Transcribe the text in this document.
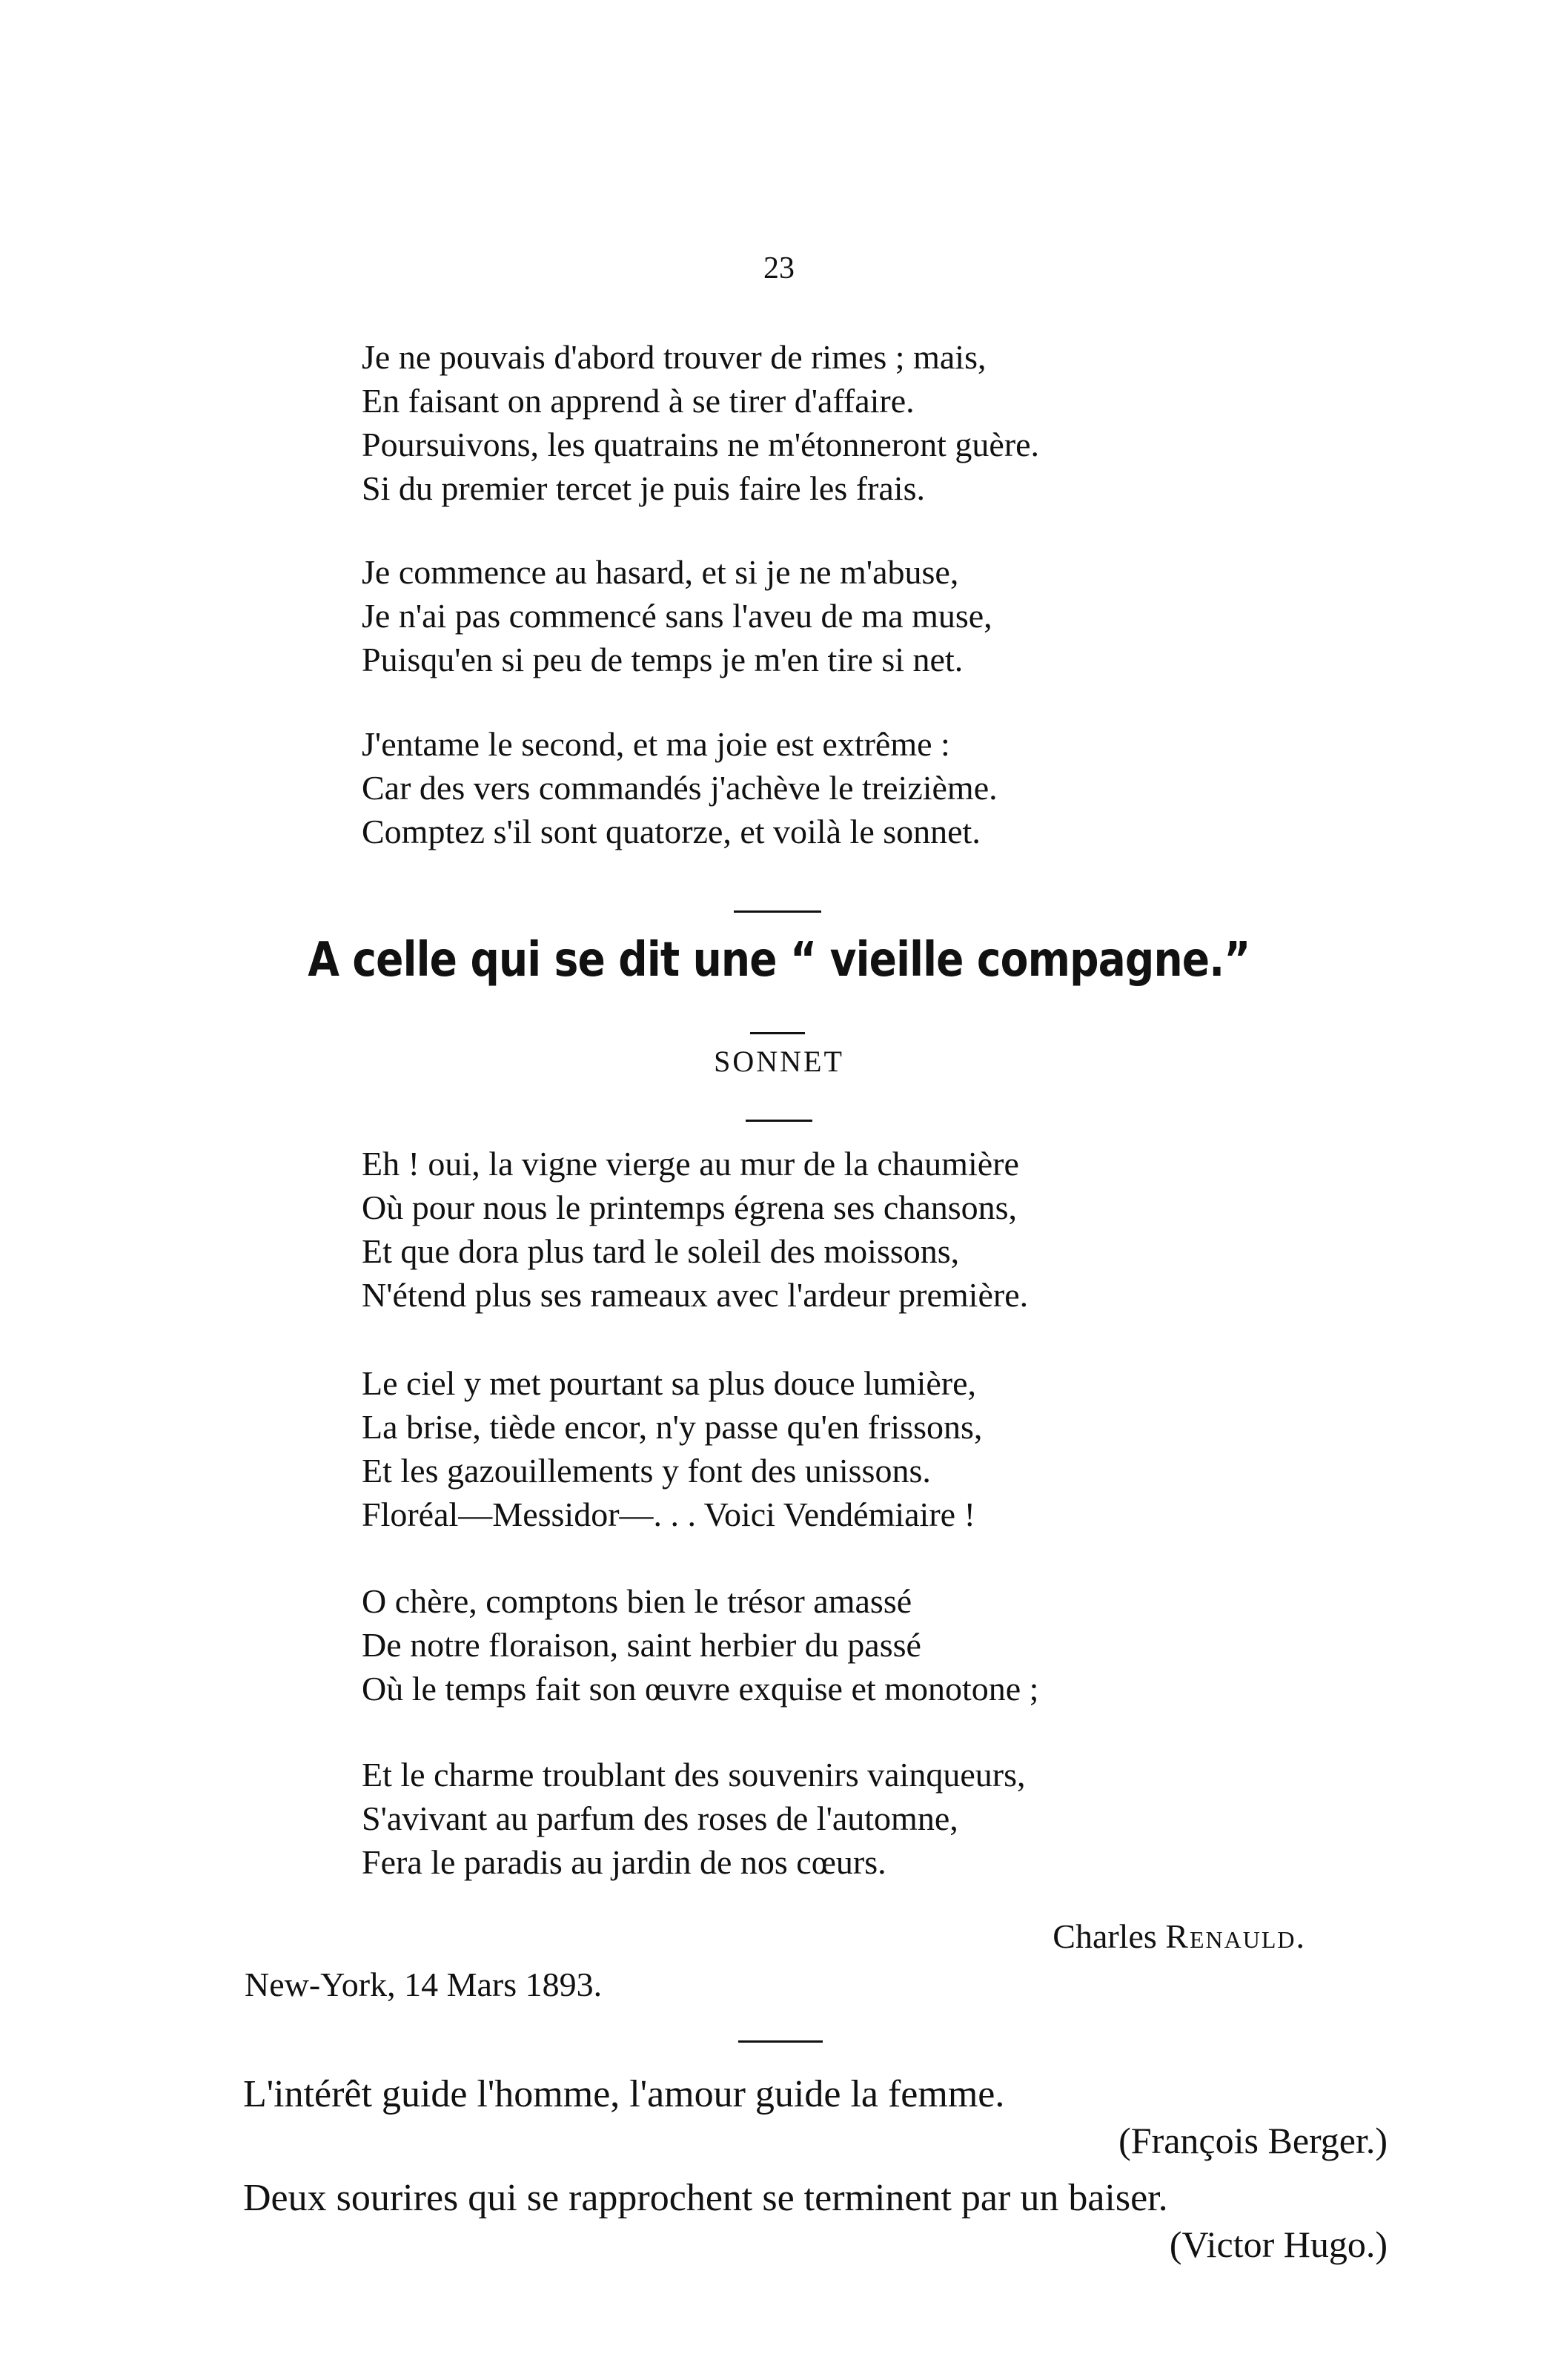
23
Je ne pouvais d'abord trouver de rimes ; mais,
En faisant on apprend à se tirer d'affaire.
Poursuivons, les quatrains ne m'étonneront guère.
Si du premier tercet je puis faire les frais.
Je commence au hasard, et si je ne m'abuse,
Je n'ai pas commencé sans l'aveu de ma muse,
Puisqu'en si peu de temps je m'en tire si net.
J'entame le second, et ma joie est extrême :
Car des vers commandés j'achève le treizième.
Comptez s'il sont quatorze, et voilà le sonnet.
A celle qui se dit une “ vieille compagne.”
SONNET
Eh ! oui, la vigne vierge au mur de la chaumière
Où pour nous le printemps égrena ses chansons,
Et que dora plus tard le soleil des moissons,
N'étend plus ses rameaux avec l'ardeur première.
Le ciel y met pourtant sa plus douce lumière,
La brise, tiède encor, n'y passe qu'en frissons,
Et les gazouillements y font des unissons.
Floréal—Messidor—. . . Voici Vendémiaire !
O chère, comptons bien le trésor amassé
De notre floraison, saint herbier du passé
Où le temps fait son œuvre exquise et monotone ;
Et le charme troublant des souvenirs vainqueurs,
S'avivant au parfum des roses de l'automne,
Fera le paradis au jardin de nos cœurs.
Charles Renauld.
New-York, 14 Mars 1893.
L'intérêt guide l'homme, l'amour guide la femme.
(François Berger.)
Deux sourires qui se rapprochent se terminent par un baiser.
(Victor Hugo.)
